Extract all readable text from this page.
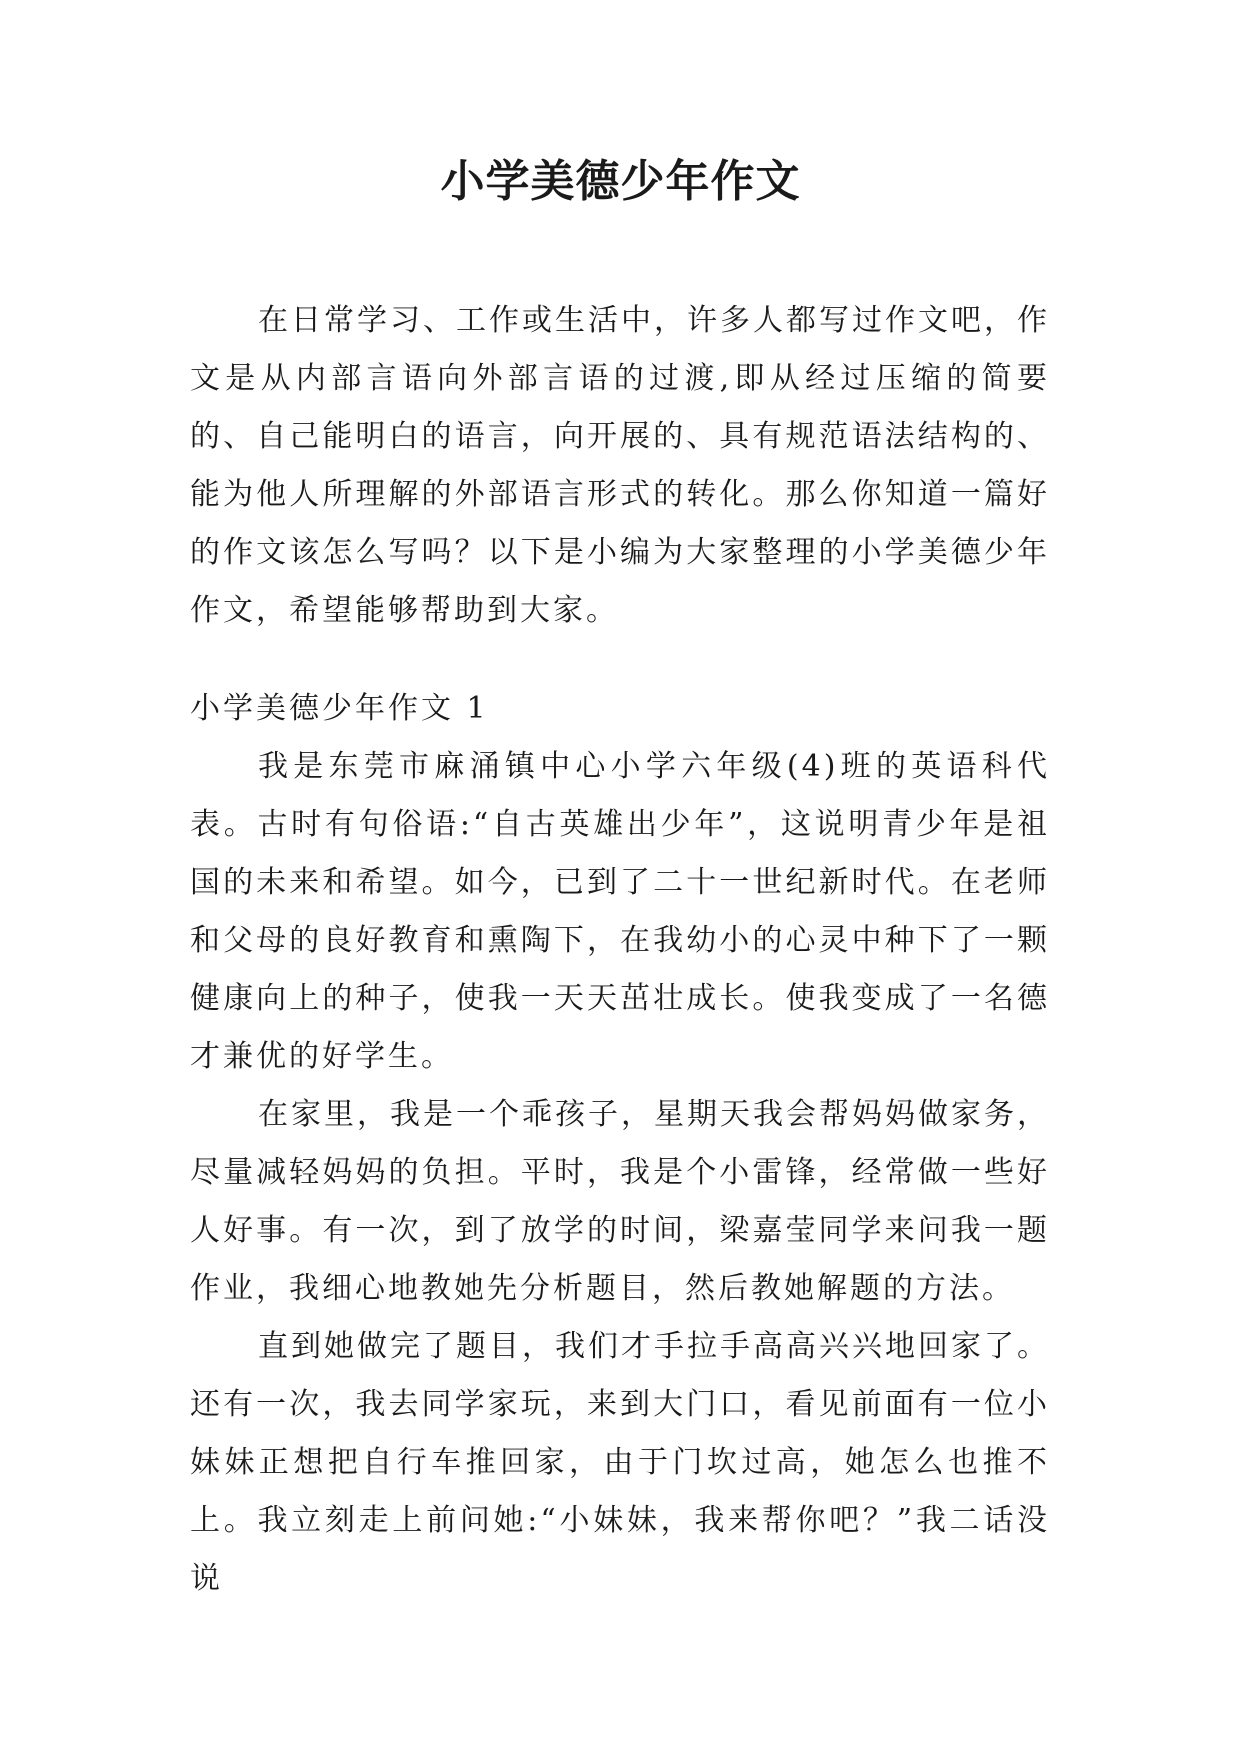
小学美德少年作文

在日常学习、工作或生活中，许多人都写过作文吧，作文是从内部言语向外部言语的过渡,即从经过压缩的简要的、自己能明白的语言，向开展的、具有规范语法结构的、能为他人所理解的外部语言形式的转化。那么你知道一篇好的作文该怎么写吗？以下是小编为大家整理的小学美德少年作文，希望能够帮助到大家。

小学美德少年作文 1

我是东莞市麻涌镇中心小学六年级(4)班的英语科代表。古时有句俗语:“自古英雄出少年”，这说明青少年是祖国的未来和希望。如今，已到了二十一世纪新时代。在老师和父母的良好教育和熏陶下，在我幼小的心灵中种下了一颗健康向上的种子，使我一天天茁壮成长。使我变成了一名德才兼优的好学生。

在家里，我是一个乖孩子，星期天我会帮妈妈做家务，尽量减轻妈妈的负担。平时，我是个小雷锋，经常做一些好人好事。有一次，到了放学的时间，梁嘉莹同学来问我一题作业，我细心地教她先分析题目，然后教她解题的方法。

直到她做完了题目，我们才手拉手高高兴兴地回家了。还有一次，我去同学家玩，来到大门口，看见前面有一位小妹妹正想把自行车推回家，由于门坎过高，她怎么也推不上。我立刻走上前问她:“小妹妹，我来帮你吧？”我二话没说
